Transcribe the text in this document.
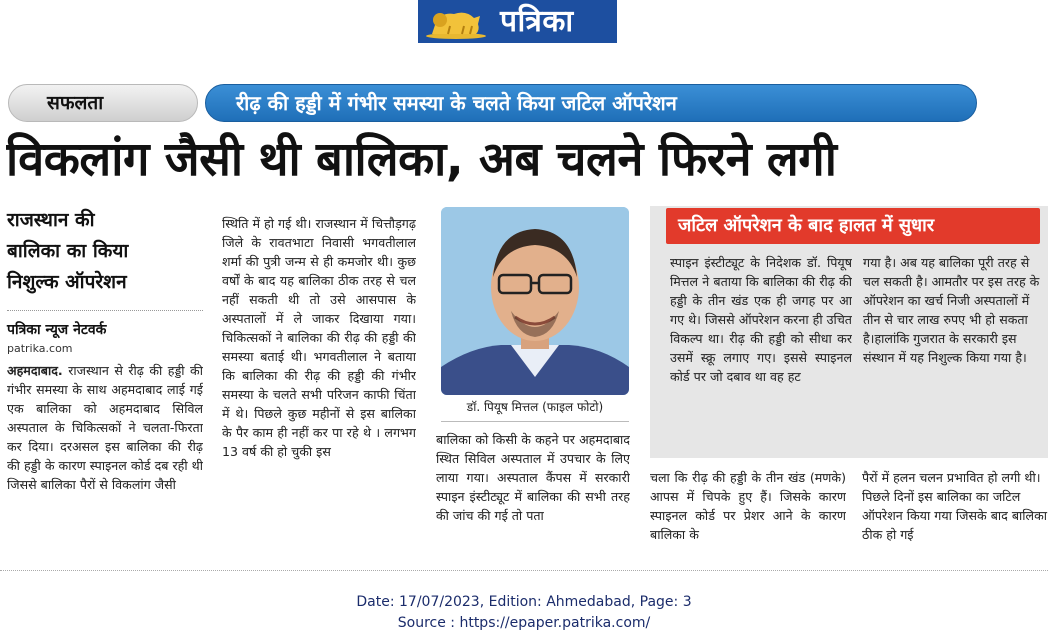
पत्रिका
सफलता	रीढ़ की हड्डी में गंभीर समस्या के चलते किया जटिल ऑपरेशन
विकलांग जैसी थी बालिका, अब चलने फिरने लगी
राजस्थान की
बालिका का किया
निशुल्क ऑपरेशन
पत्रिका न्यूज नेटवर्क
patrika.com
अहमदाबाद. राजस्थान से रीढ़ की हड्डी की गंभीर समस्या के साथ अहमदाबाद लाई गई एक बालिका को अहमदाबाद सिविल अस्पताल के चिकित्सकों ने चलता-फिरता कर दिया। दरअसल इस बालिका की रीढ़ की हड्डी के कारण स्पाइनल कोर्ड दब रही थी जिससे बालिका पैरों से विकलांग जैसी
स्थिति में हो गई थी। राजस्थान में चित्तौड़गढ़ जिले के रावतभाटा निवासी भगवतीलाल शर्मा की पुत्री जन्म से ही कमजोर थी। कुछ वर्षों के बाद यह बालिका ठीक तरह से चल नहीं सकती थी तो उसे आसपास के अस्पतालों में ले जाकर दिखाया गया। चिकित्सकों ने बालिका की रीढ़ की हड्डी की समस्या बताई थी। भगवतीलाल ने बताया कि बालिका की रीढ़ की हड्डी की गंभीर समस्या के चलते सभी परिजन काफी चिंता में थे। पिछले कुछ महीनों से इस बालिका के पैर काम ही नहीं कर पा रहे थे । लगभग 13 वर्ष की हो चुकी इस
डॉ. पियूष मित्तल (फाइल फोटो)
बालिका को किसी के कहने पर अहमदाबाद स्थित सिविल अस्पताल में उपचार के लिए लाया गया। अस्पताल कैंपस में सरकारी स्पाइन इंस्टीट्यूट में बालिका की सभी तरह की जांच की गई तो पता
जटिल ऑपरेशन के बाद हालत में सुधार
स्पाइन इंस्टीट्यूट के निदेशक डॉ. पियूष मित्तल ने बताया कि बालिका की रीढ़ की हड्डी के तीन खंड एक ही जगह पर आ गए थे। जिससे ऑपरेशन करना ही उचित विकल्प था। रीढ़ की हड्डी को सीधा कर उसमें स्क्रू लगाए गए। इससे स्पाइनल कोर्ड पर जो दबाव था वह हट
गया है। अब यह बालिका पूरी तरह से चल सकती है। आमतौर पर इस तरह के ऑपरेशन का खर्च निजी अस्पतालों में तीन से चार लाख रुपए भी हो सकता है।हालांकि गुजरात के सरकारी इस संस्थान में यह निशुल्क किया गया है।
चला कि रीढ़ की हड्डी के तीन खंड (मणके) आपस में चिपके हुए हैं। जिसके कारण स्पाइनल कोर्ड पर प्रेशर आने के कारण बालिका के
पैरों में हलन चलन प्रभावित हो लगी थी। पिछले दिनों इस बालिका का जटिल ऑपरेशन किया गया जिसके बाद बालिका ठीक हो गई
Date: 17/07/2023, Edition: Ahmedabad, Page: 3
Source : https://epaper.patrika.com/
